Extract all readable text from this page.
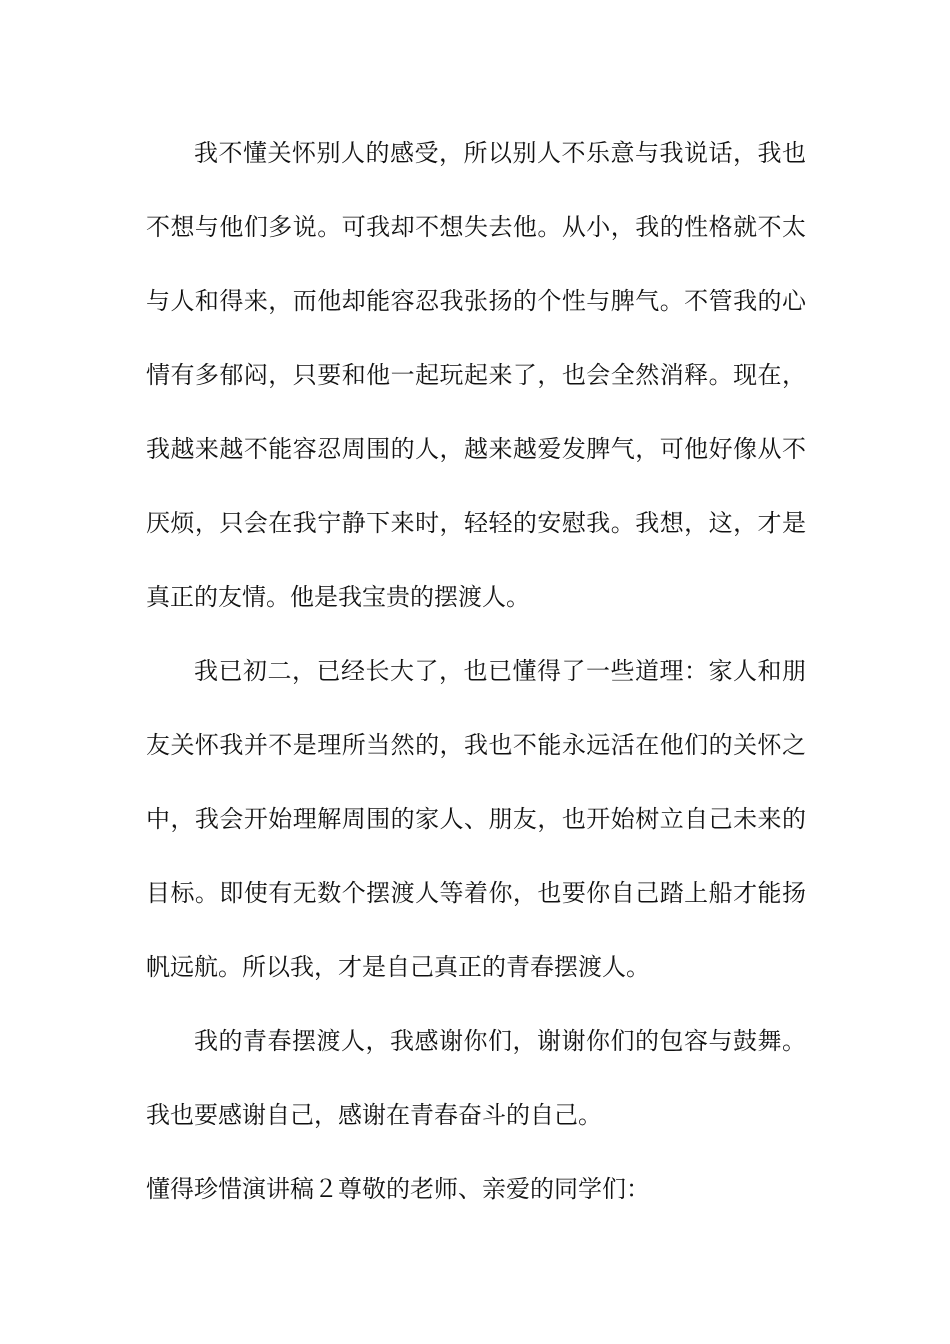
我不懂关怀别人的感受，所以别人不乐意与我说话，我也不想与他们多说。可我却不想失去他。从小，我的性格就不太与人和得来，而他却能容忍我张扬的个性与脾气。不管我的心情有多郁闷，只要和他一起玩起来了，也会全然消释。现在，我越来越不能容忍周围的人，越来越爱发脾气，可他好像从不厌烦，只会在我宁静下来时，轻轻的安慰我。我想，这，才是真正的友情。他是我宝贵的摆渡人。

我已初二，已经长大了，也已懂得了一些道理：家人和朋友关怀我并不是理所当然的，我也不能永远活在他们的关怀之中，我会开始理解周围的家人、朋友，也开始树立自己未来的目标。即使有无数个摆渡人等着你，也要你自己踏上船才能扬帆远航。所以我，才是自己真正的青春摆渡人。

我的青春摆渡人，我感谢你们，谢谢你们的包容与鼓舞。我也要感谢自己，感谢在青春奋斗的自己。

懂得珍惜演讲稿２尊敬的老师、亲爱的同学们：
